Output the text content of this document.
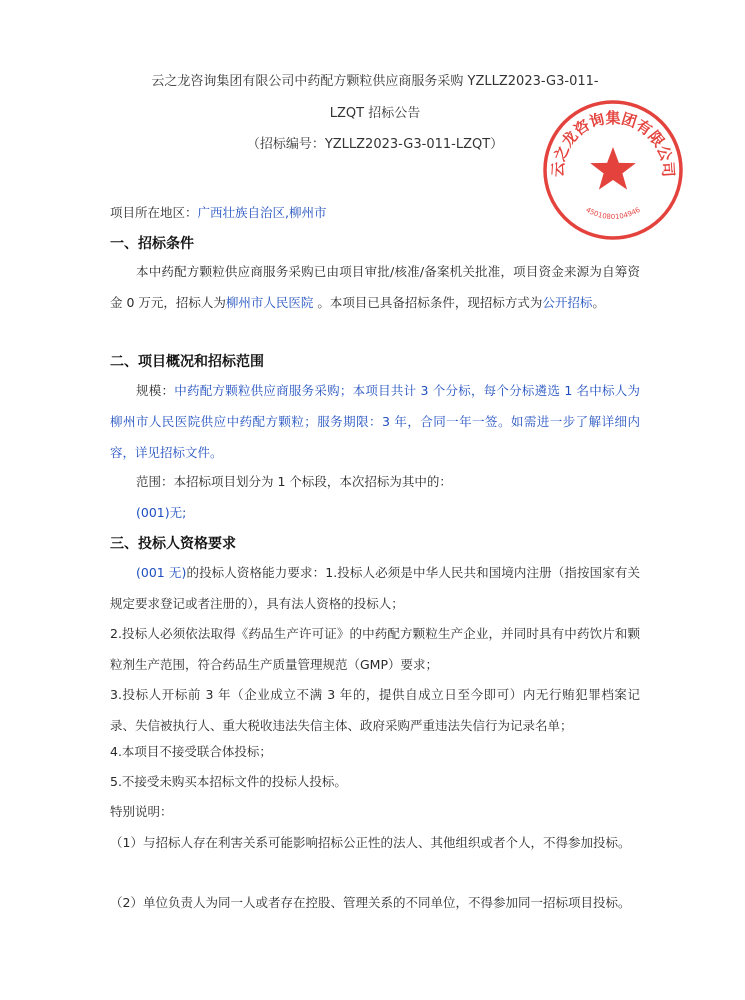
云之龙咨询集团有限公司中药配方颗粒供应商服务采购 YZLLZ2023-G3-011-
LZQT 招标公告
（招标编号：YZLLZ2023-G3-011-LZQT）
项目所在地区：广西壮族自治区,柳州市
一、招标条件
本中药配方颗粒供应商服务采购已由项目审批/核准/备案机关批准，项目资金来源为自筹资金 0 万元，招标人为柳州市人民医院 。本项目已具备招标条件，现招标方式为公开招标。
二、项目概况和招标范围
规模：中药配方颗粒供应商服务采购；本项目共计 3 个分标，每个分标遴选 1 名中标人为柳州市人民医院供应中药配方颗粒；服务期限：3 年，合同一年一签。如需进一步了解详细内容，详见招标文件。
范围：本招标项目划分为 1 个标段，本次招标为其中的：
(001)无;
三、投标人资格要求
(001 无)的投标人资格能力要求：1.投标人必须是中华人民共和国境内注册（指按国家有关规定要求登记或者注册的），具有法人资格的投标人；
2.投标人必须依法取得《药品生产许可证》的中药配方颗粒生产企业，并同时具有中药饮片和颗粒剂生产范围，符合药品生产质量管理规范（GMP）要求；
3.投标人开标前 3 年（企业成立不满 3 年的，提供自成立日至今即可）内无行贿犯罪档案记录、失信被执行人、重大税收违法失信主体、政府采购严重违法失信行为记录名单；
4.本项目不接受联合体投标；
5.不接受未购买本招标文件的投标人投标。
特别说明：
（1）与招标人存在利害关系可能影响招标公正性的法人、其他组织或者个人，不得参加投标。
（2）单位负责人为同一人或者存在控股、管理关系的不同单位，不得参加同一招标项目投标。
云之龙咨询集团有限公司
4501080104946
